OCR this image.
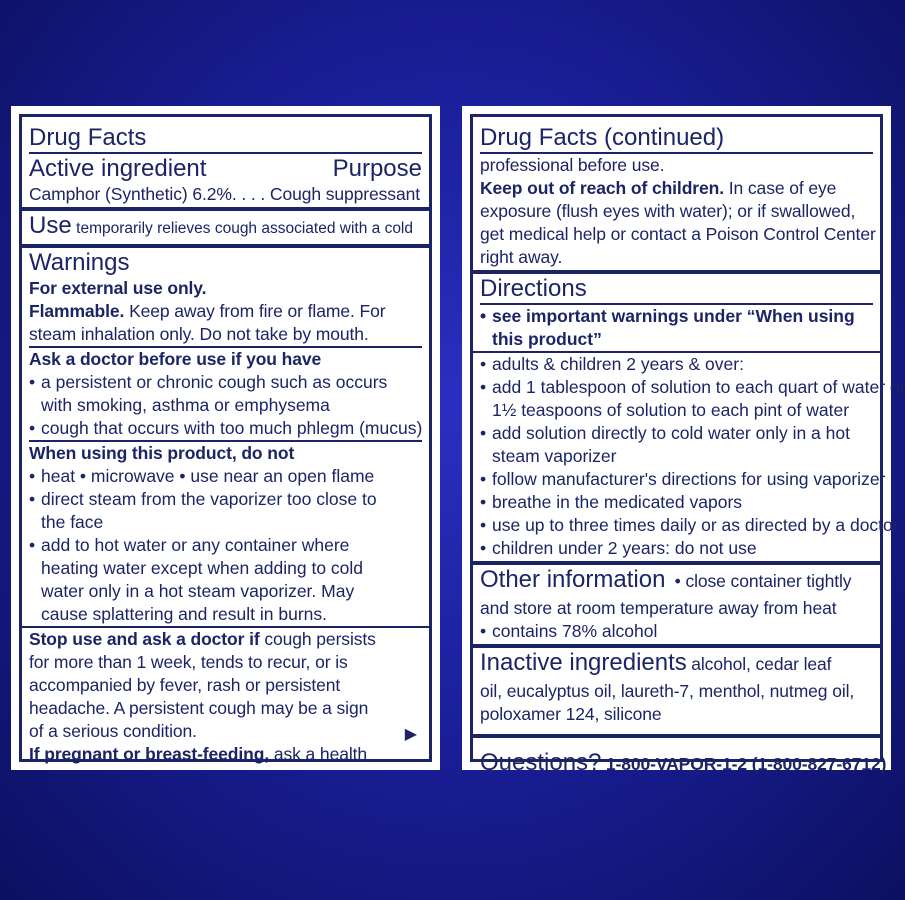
Drug Facts
Active ingredient	Purpose
Camphor (Synthetic) 6.2%. . . . Cough suppressant
Use temporarily relieves cough associated with a cold
Warnings
For external use only.
Flammable. Keep away from fire or flame. For
steam inhalation only. Do not take by mouth.
Ask a doctor before use if you have
• a persistent or chronic cough such as occurs
with smoking, asthma or emphysema
• cough that occurs with too much phlegm (mucus)
When using this product, do not
• heat • microwave • use near an open flame
• direct steam from the vaporizer too close to
the face
• add to hot water or any container where
heating water except when adding to cold
water only in a hot steam vaporizer. May
cause splattering and result in burns.
Stop use and ask a doctor if cough persists
for more than 1 week, tends to recur, or is
accompanied by fever, rash or persistent
headache. A persistent cough may be a sign
of a serious condition.
If pregnant or breast-feeding, ask a health
▶
Drug Facts (continued)
professional before use.
Keep out of reach of children. In case of eye
exposure (flush eyes with water); or if swallowed,
get medical help or contact a Poison Control Center
right away.
Directions
• see important warnings under “When using
this product”
• adults & children 2 years & over:
• add 1 tablespoon of solution to each quart of water or
1½ teaspoons of solution to each pint of water
• add solution directly to cold water only in a hot
steam vaporizer
• follow manufacturer's directions for using vaporizer
• breathe in the medicated vapors
• use up to three times daily or as directed by a doctor.
• children under 2 years: do not use
Other information  • close container tightly
and store at room temperature away from heat
• contains 78% alcohol
Inactive ingredients alcohol, cedar leaf
oil, eucalyptus oil, laureth-7, menthol, nutmeg oil,
poloxamer 124, silicone
Questions? 1-800-VAPOR-1-2 (1-800-827-6712)
